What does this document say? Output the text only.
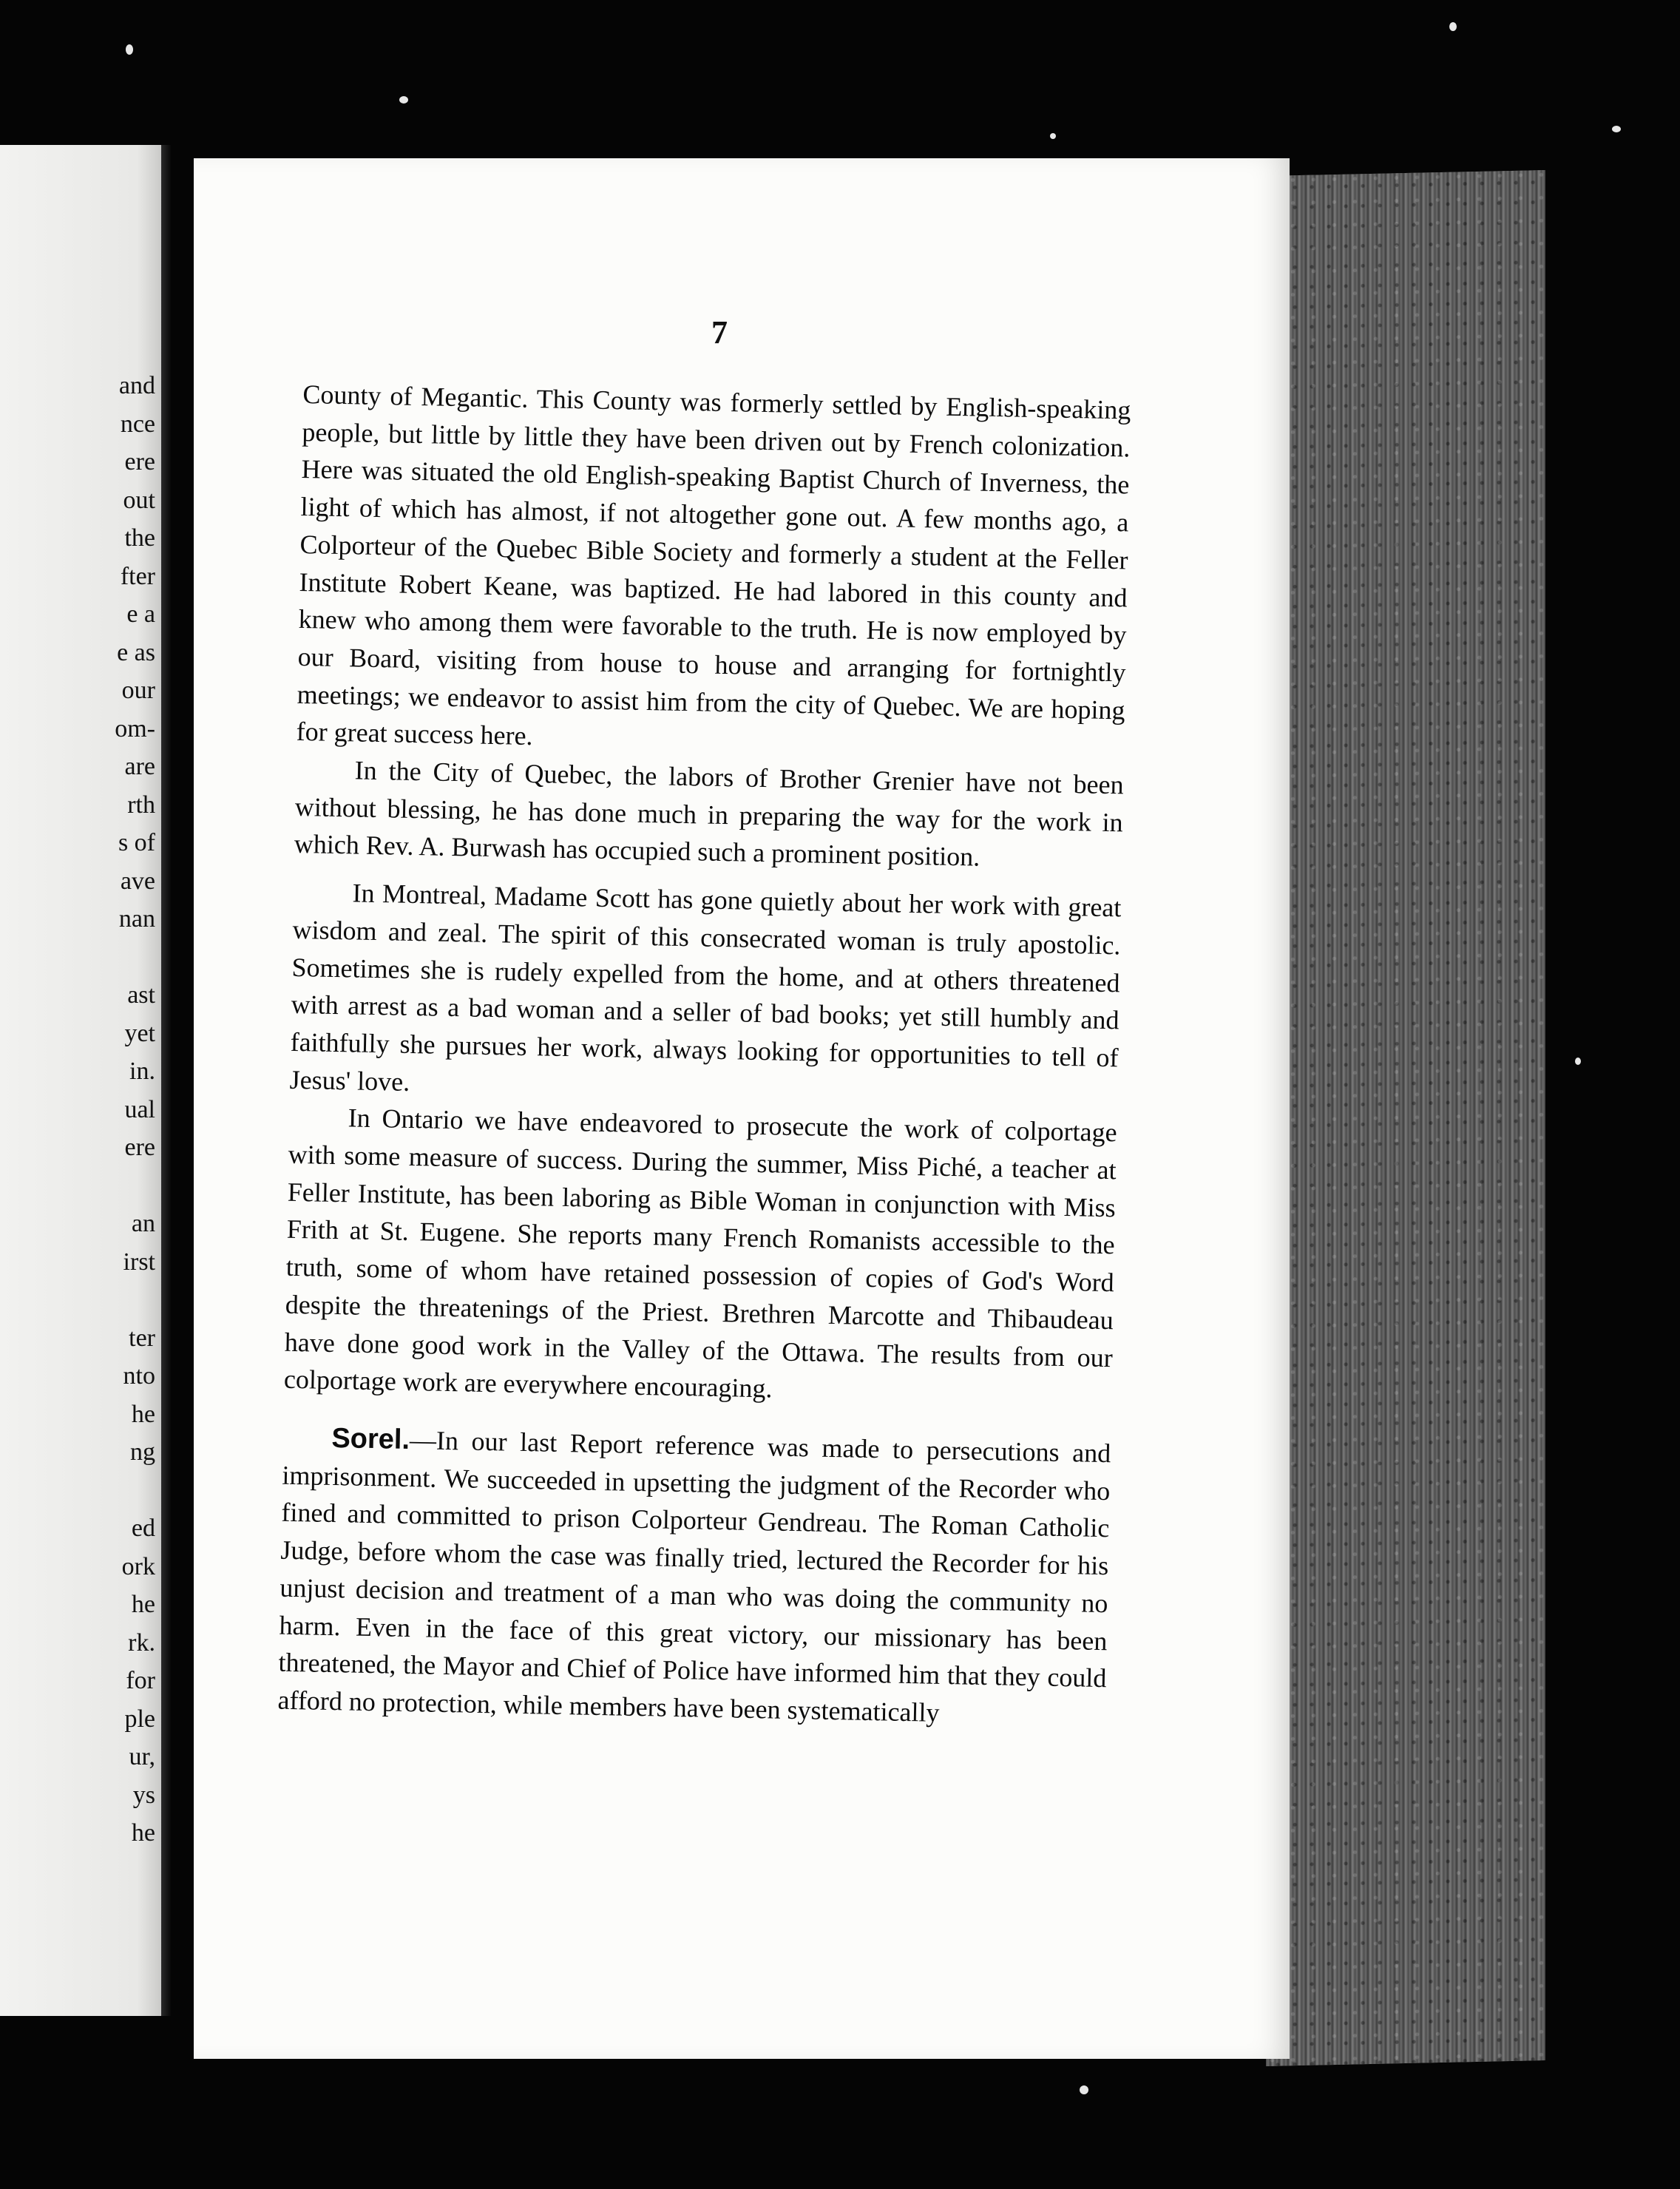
and
nce
ere
out
the
fter
e a
e as
our
om-
are
rth
s of
ave
nan
ast
yet
in.
ual
ere
an
irst
ter
nto
he
ng
ed
ork
he
rk.
for
ple
ur,
ys
he
7

County of Megantic. This County was formerly settled by English-speaking people, but little by little they have been driven out by French colonization. Here was situated the old English-speaking Baptist Church of Inverness, the light of which has almost, if not altogether gone out. A few months ago, a Colporteur of the Quebec Bible Society and formerly a student at the Feller Institute Robert Keane, was baptized. He had labored in this county and knew who among them were favorable to the truth. He is now employed by our Board, visiting from house to house and arranging for fortnightly meetings; we endeavor to assist him from the city of Quebec. We are hoping for great success here.

In the City of Quebec, the labors of Brother Grenier have not been without blessing, he has done much in preparing the way for the work in which Rev. A. Burwash has occupied such a prominent position.

In Montreal, Madame Scott has gone quietly about her work with great wisdom and zeal. The spirit of this consecrated woman is truly apostolic. Sometimes she is rudely expelled from the home, and at others threatened with arrest as a bad woman and a seller of bad books; yet still humbly and faithfully she pursues her work, always looking for opportunities to tell of Jesus' love.

In Ontario we have endeavored to prosecute the work of colportage with some measure of success. During the summer, Miss Piché, a teacher at Feller Institute, has been laboring as Bible Woman in conjunction with Miss Frith at St. Eugene. She reports many French Romanists accessible to the truth, some of whom have retained possession of copies of God's Word despite the threatenings of the Priest. Brethren Marcotte and Thibaudeau have done good work in the Valley of the Ottawa. The results from our colportage work are everywhere encouraging.

Sorel.—In our last Report reference was made to persecutions and imprisonment. We succeeded in upsetting the judgment of the Recorder who fined and committed to prison Colporteur Gendreau. The Roman Catholic Judge, before whom the case was finally tried, lectured the Recorder for his unjust decision and treatment of a man who was doing the community no harm. Even in the face of this great victory, our missionary has been threatened, the Mayor and Chief of Police have informed him that they could afford no protection, while members have been systematically
